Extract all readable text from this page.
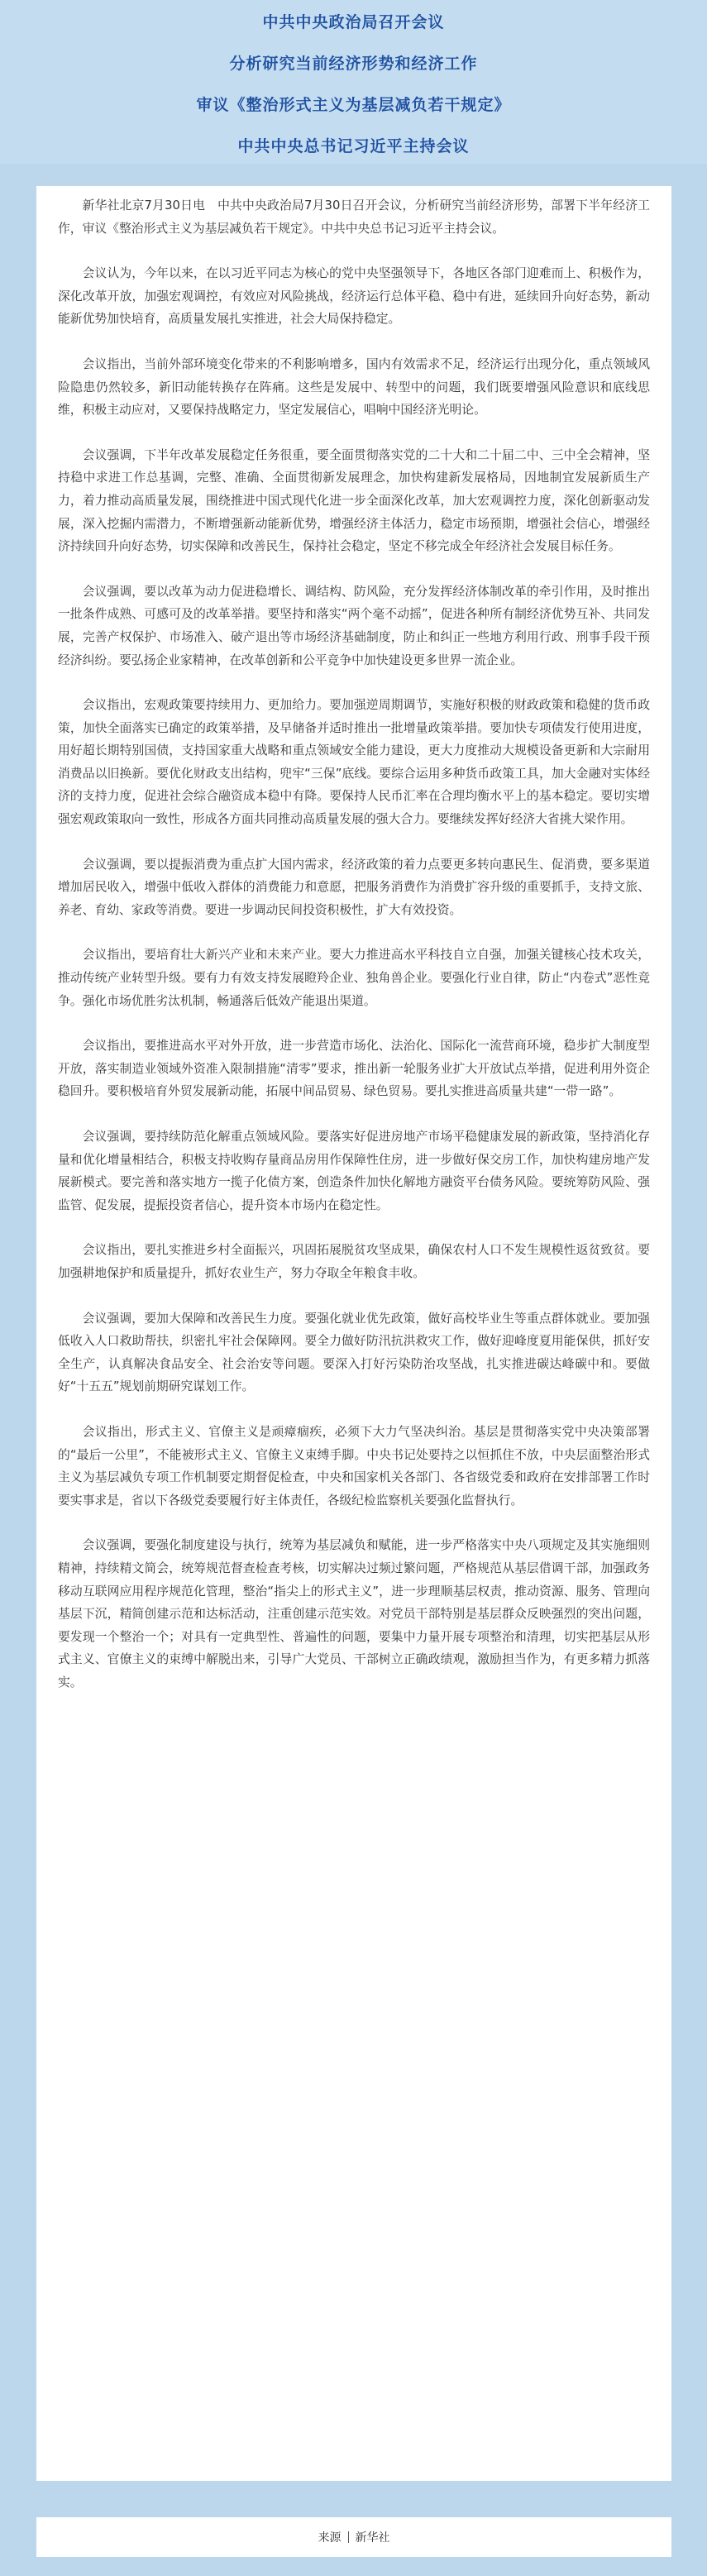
中共中央政治局召开会议
分析研究当前经济形势和经济工作
审议《整治形式主义为基层减负若干规定》
中共中央总书记习近平主持会议

新华社北京7月30日电　中共中央政治局7月30日召开会议，分析研究当前经济形势，部署下半年经济工作，审议《整治形式主义为基层减负若干规定》。中共中央总书记习近平主持会议。

会议认为，今年以来，在以习近平同志为核心的党中央坚强领导下，各地区各部门迎难而上、积极作为，深化改革开放，加强宏观调控，有效应对风险挑战，经济运行总体平稳、稳中有进，延续回升向好态势，新动能新优势加快培育，高质量发展扎实推进，社会大局保持稳定。

会议指出，当前外部环境变化带来的不利影响增多，国内有效需求不足，经济运行出现分化，重点领域风险隐患仍然较多，新旧动能转换存在阵痛。这些是发展中、转型中的问题，我们既要增强风险意识和底线思维，积极主动应对，又要保持战略定力，坚定发展信心，唱响中国经济光明论。

会议强调，下半年改革发展稳定任务很重，要全面贯彻落实党的二十大和二十届二中、三中全会精神，坚持稳中求进工作总基调，完整、准确、全面贯彻新发展理念，加快构建新发展格局，因地制宜发展新质生产力，着力推动高质量发展，围绕推进中国式现代化进一步全面深化改革，加大宏观调控力度，深化创新驱动发展，深入挖掘内需潜力，不断增强新动能新优势，增强经济主体活力，稳定市场预期，增强社会信心，增强经济持续回升向好态势，切实保障和改善民生，保持社会稳定，坚定不移完成全年经济社会发展目标任务。

会议强调，要以改革为动力促进稳增长、调结构、防风险，充分发挥经济体制改革的牵引作用，及时推出一批条件成熟、可感可及的改革举措。要坚持和落实“两个毫不动摇”，促进各种所有制经济优势互补、共同发展，完善产权保护、市场准入、破产退出等市场经济基础制度，防止和纠正一些地方利用行政、刑事手段干预经济纠纷。要弘扬企业家精神，在改革创新和公平竞争中加快建设更多世界一流企业。

会议指出，宏观政策要持续用力、更加给力。要加强逆周期调节，实施好积极的财政政策和稳健的货币政策，加快全面落实已确定的政策举措，及早储备并适时推出一批增量政策举措。要加快专项债发行使用进度，用好超长期特别国债，支持国家重大战略和重点领域安全能力建设，更大力度推动大规模设备更新和大宗耐用消费品以旧换新。要优化财政支出结构，兜牢“三保”底线。要综合运用多种货币政策工具，加大金融对实体经济的支持力度，促进社会综合融资成本稳中有降。要保持人民币汇率在合理均衡水平上的基本稳定。要切实增强宏观政策取向一致性，形成各方面共同推动高质量发展的强大合力。要继续发挥好经济大省挑大梁作用。

会议强调，要以提振消费为重点扩大国内需求，经济政策的着力点要更多转向惠民生、促消费，要多渠道增加居民收入，增强中低收入群体的消费能力和意愿，把服务消费作为消费扩容升级的重要抓手，支持文旅、养老、育幼、家政等消费。要进一步调动民间投资积极性，扩大有效投资。

会议指出，要培育壮大新兴产业和未来产业。要大力推进高水平科技自立自强，加强关键核心技术攻关，推动传统产业转型升级。要有力有效支持发展瞪羚企业、独角兽企业。要强化行业自律，防止“内卷式”恶性竞争。强化市场优胜劣汰机制，畅通落后低效产能退出渠道。

会议指出，要推进高水平对外开放，进一步营造市场化、法治化、国际化一流营商环境，稳步扩大制度型开放，落实制造业领域外资准入限制措施“清零”要求，推出新一轮服务业扩大开放试点举措，促进利用外资企稳回升。要积极培育外贸发展新动能，拓展中间品贸易、绿色贸易。要扎实推进高质量共建“一带一路”。

会议强调，要持续防范化解重点领域风险。要落实好促进房地产市场平稳健康发展的新政策，坚持消化存量和优化增量相结合，积极支持收购存量商品房用作保障性住房，进一步做好保交房工作，加快构建房地产发展新模式。要完善和落实地方一揽子化债方案，创造条件加快化解地方融资平台债务风险。要统筹防风险、强监管、促发展，提振投资者信心，提升资本市场内在稳定性。

会议指出，要扎实推进乡村全面振兴，巩固拓展脱贫攻坚成果，确保农村人口不发生规模性返贫致贫。要加强耕地保护和质量提升，抓好农业生产，努力夺取全年粮食丰收。

会议强调，要加大保障和改善民生力度。要强化就业优先政策，做好高校毕业生等重点群体就业。要加强低收入人口救助帮扶，织密扎牢社会保障网。要全力做好防汛抗洪救灾工作，做好迎峰度夏用能保供，抓好安全生产，认真解决食品安全、社会治安等问题。要深入打好污染防治攻坚战，扎实推进碳达峰碳中和。要做好“十五五”规划前期研究谋划工作。

会议指出，形式主义、官僚主义是顽瘴痼疾，必须下大力气坚决纠治。基层是贯彻落实党中央决策部署的“最后一公里”，不能被形式主义、官僚主义束缚手脚。中央书记处要持之以恒抓住不放，中央层面整治形式主义为基层减负专项工作机制要定期督促检查，中央和国家机关各部门、各省级党委和政府在安排部署工作时要实事求是，省以下各级党委要履行好主体责任，各级纪检监察机关要强化监督执行。

会议强调，要强化制度建设与执行，统筹为基层减负和赋能，进一步严格落实中央八项规定及其实施细则精神，持续精文简会，统筹规范督查检查考核，切实解决过频过繁问题，严格规范从基层借调干部，加强政务移动互联网应用程序规范化管理，整治“指尖上的形式主义”，进一步理顺基层权责，推动资源、服务、管理向基层下沉，精简创建示范和达标活动，注重创建示范实效。对党员干部特别是基层群众反映强烈的突出问题，要发现一个整治一个；对具有一定典型性、普遍性的问题，要集中力量开展专项整治和清理，切实把基层从形式主义、官僚主义的束缚中解脱出来，引导广大党员、干部树立正确政绩观，激励担当作为，有更多精力抓落实。

来源 新华社
